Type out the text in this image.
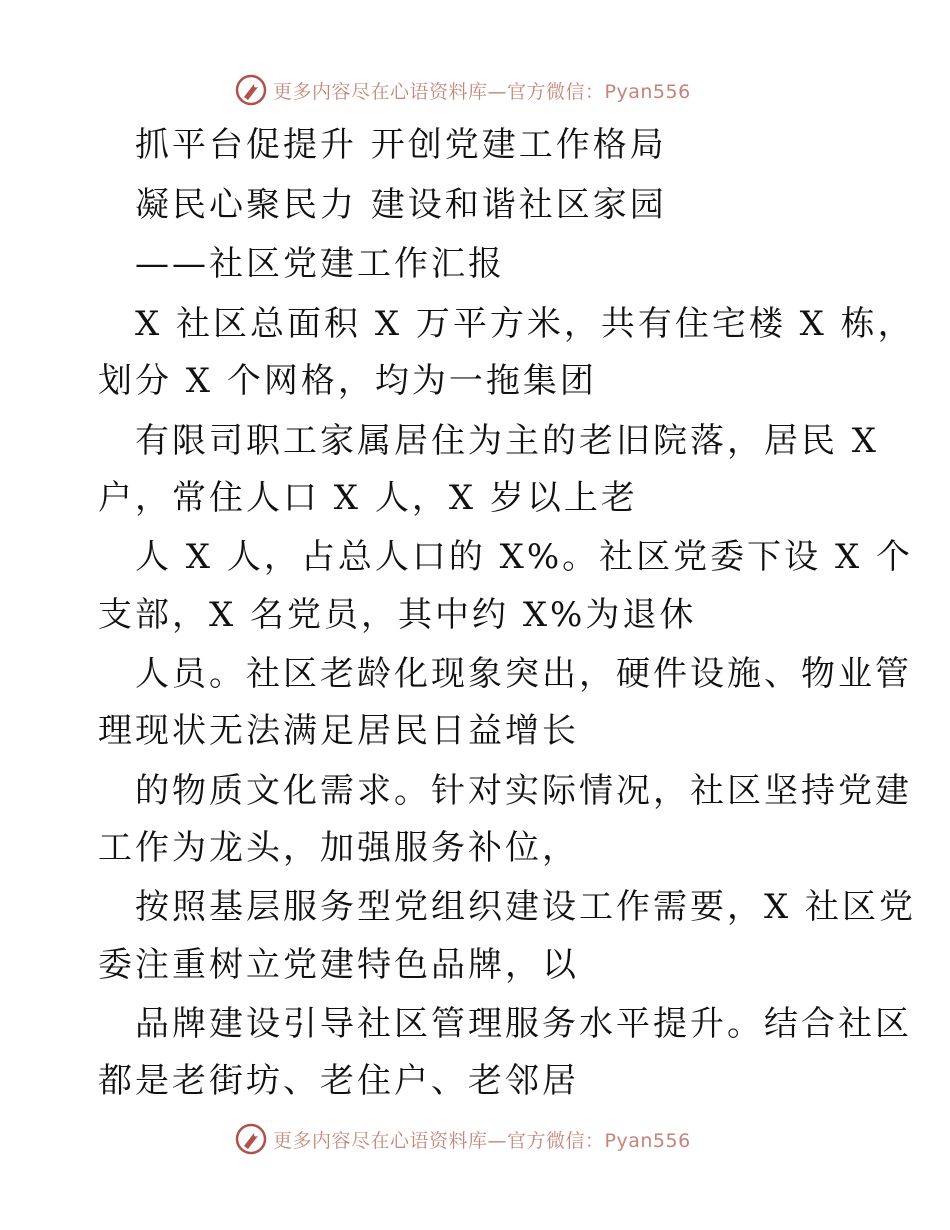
更多内容尽在心语资料库—官方微信：Pyan556
抓平台促提升 开创党建工作格局
凝民心聚民力 建设和谐社区家园
——社区党建工作汇报
X 社区总面积 X 万平方米，共有住宅楼 X 栋，
划分 X 个网格，均为一拖集团
有限司职工家属居住为主的老旧院落，居民 X
户，常住人口 X 人，X 岁以上老
人 X 人，占总人口的 X%。社区党委下设 X 个
支部，X 名党员，其中约 X%为退休
人员。社区老龄化现象突出，硬件设施、物业管
理现状无法满足居民日益增长
的物质文化需求。针对实际情况，社区坚持党建
工作为龙头，加强服务补位，
按照基层服务型党组织建设工作需要，X 社区党
委注重树立党建特色品牌，以
品牌建设引导社区管理服务水平提升。结合社区
都是老街坊、老住户、老邻居
更多内容尽在心语资料库—官方微信：Pyan556
